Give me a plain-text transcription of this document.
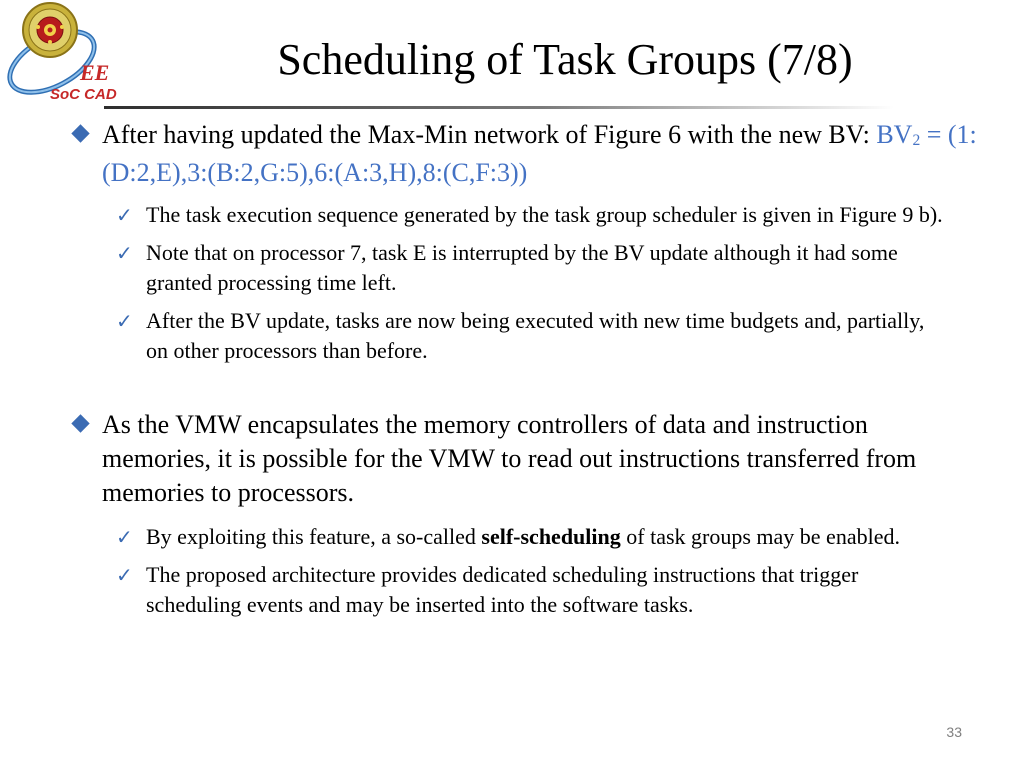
EE
SoC CAD
Scheduling of Task Groups (7/8)
After having updated the Max-Min network of Figure 6 with the new BV: BV2 = (1:(D:2,E),3:(B:2,G:5),6:(A:3,H),8:(C,F:3))
✓ The task execution sequence generated by the task group scheduler is given in Figure 9 b).
✓ Note that on processor 7, task E is interrupted by the BV update although it had some granted processing time left.
✓ After the BV update, tasks are now being executed with new time budgets and, partially, on other processors than before.
As the VMW encapsulates the memory controllers of data and instruction memories, it is possible for the VMW to read out instructions transferred from memories to processors.
✓ By exploiting this feature, a so-called self-scheduling of task groups may be enabled.
✓ The proposed architecture provides dedicated scheduling instructions that trigger scheduling events and may be inserted into the software tasks.
33
